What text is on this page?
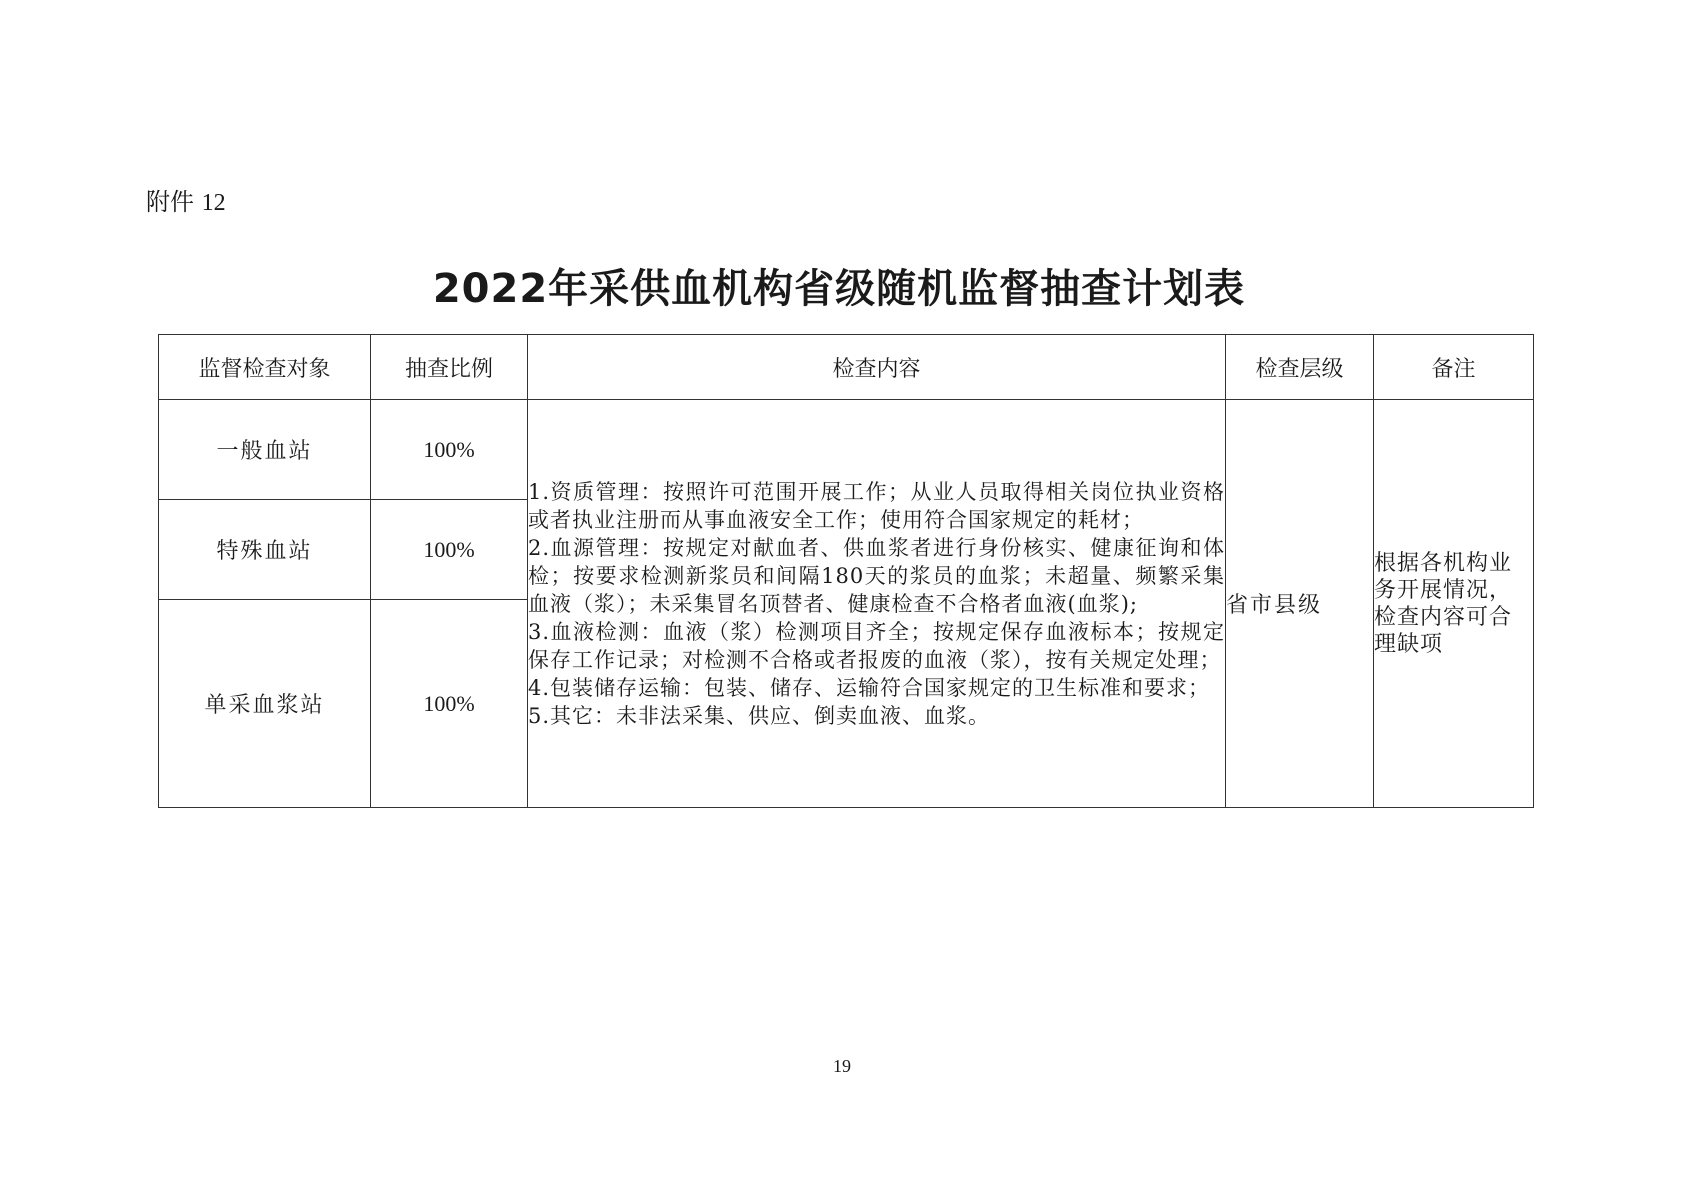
附件 12
2022年采供血机构省级随机监督抽查计划表
监督检查对象	抽查比例	检查内容	检查层级	备注
一般血站	100%	1.资质管理：按照许可范围开展工作；从业人员取得相关岗位执业资格或者执业注册而从事血液安全工作；使用符合国家规定的耗材；
2.血源管理：按规定对献血者、供血浆者进行身份核实、健康征询和体检；按要求检测新浆员和间隔180天的浆员的血浆；未超量、频繁采集血液（浆）；未采集冒名顶替者、健康检查不合格者血液(血浆);
3.血液检测：血液（浆）检测项目齐全；按规定保存血液标本；按规定保存工作记录；对检测不合格或者报废的血液（浆），按有关规定处理；
4.包装储存运输：包装、储存、运输符合国家规定的卫生标准和要求；
5.其它：未非法采集、供应、倒卖血液、血浆。	省市县级	根据各机构业务开展情况，检查内容可合理缺项
特殊血站	100%			
单采血浆站	100%			
19
